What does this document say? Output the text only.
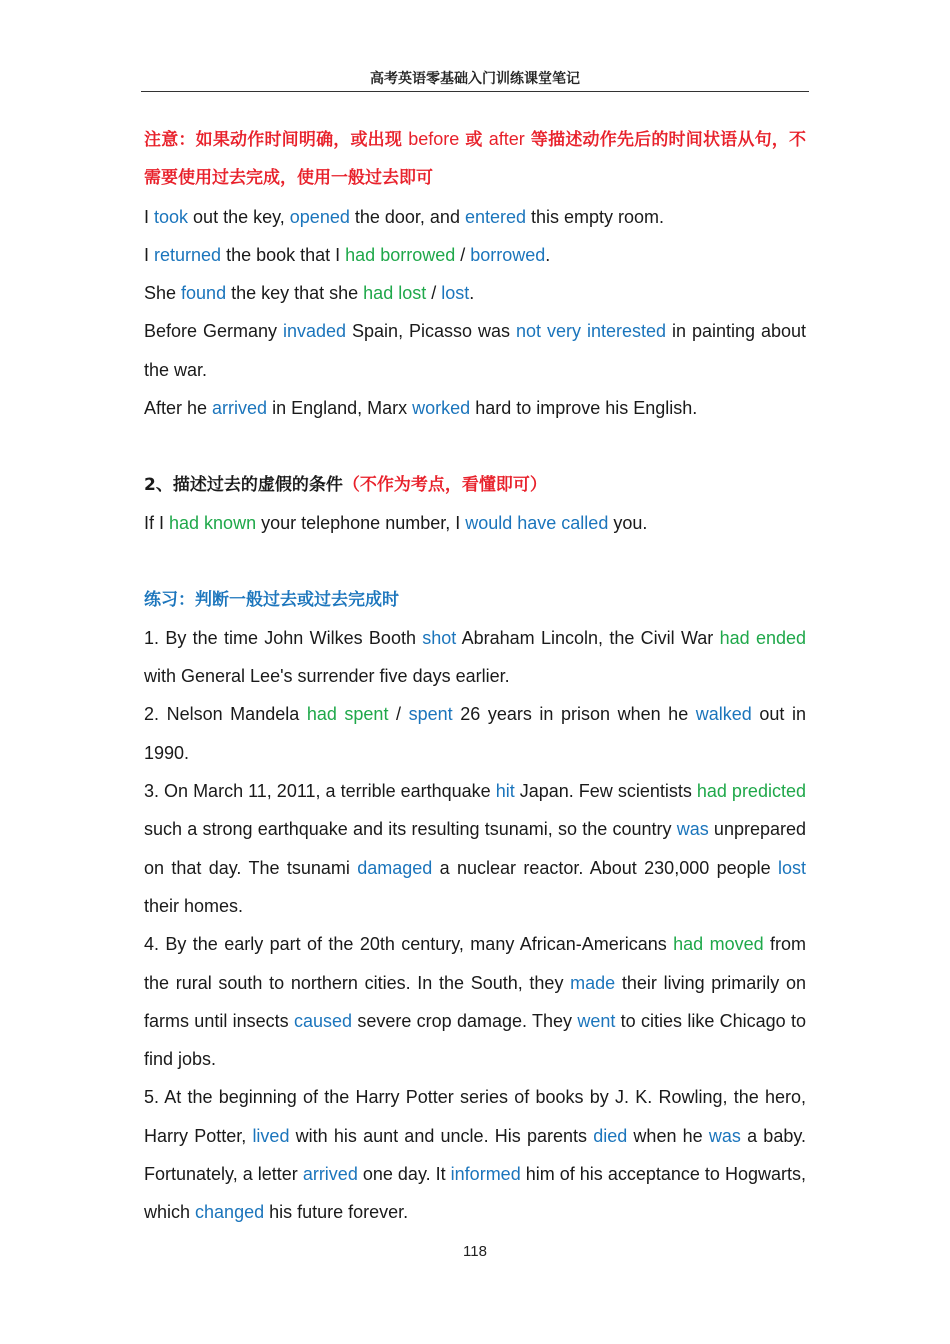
高考英语零基础入门训练课堂笔记

注意：如果动作时间明确，或出现 before 或 after 等描述动作先后的时间状语从句，不需要使用过去完成，使用一般过去即可

I took out the key, opened the door, and entered this empty room.

I returned the book that I had borrowed / borrowed.

She found the key that she had lost / lost.

Before Germany invaded Spain, Picasso was not very interested in painting about the war.

After he arrived in England, Marx worked hard to improve his English.

2、描述过去的虚假的条件（不作为考点，看懂即可）

If I had known your telephone number, I would have called you.

练习：判断一般过去或过去完成时

1. By the time John Wilkes Booth shot Abraham Lincoln, the Civil War had ended with General Lee's surrender five days earlier.

2. Nelson Mandela had spent / spent 26 years in prison when he walked out in 1990.

3. On March 11, 2011, a terrible earthquake hit Japan. Few scientists had predicted such a strong earthquake and its resulting tsunami, so the country was unprepared on that day. The tsunami damaged a nuclear reactor. About 230,000 people lost their homes.

4. By the early part of the 20th century, many African-Americans had moved from the rural south to northern cities. In the South, they made their living primarily on farms until insects caused severe crop damage. They went to cities like Chicago to find jobs.

5. At the beginning of the Harry Potter series of books by J. K. Rowling, the hero, Harry Potter, lived with his aunt and uncle. His parents died when he was a baby. Fortunately, a letter arrived one day. It informed him of his acceptance to Hogwarts, which changed his future forever.

118
